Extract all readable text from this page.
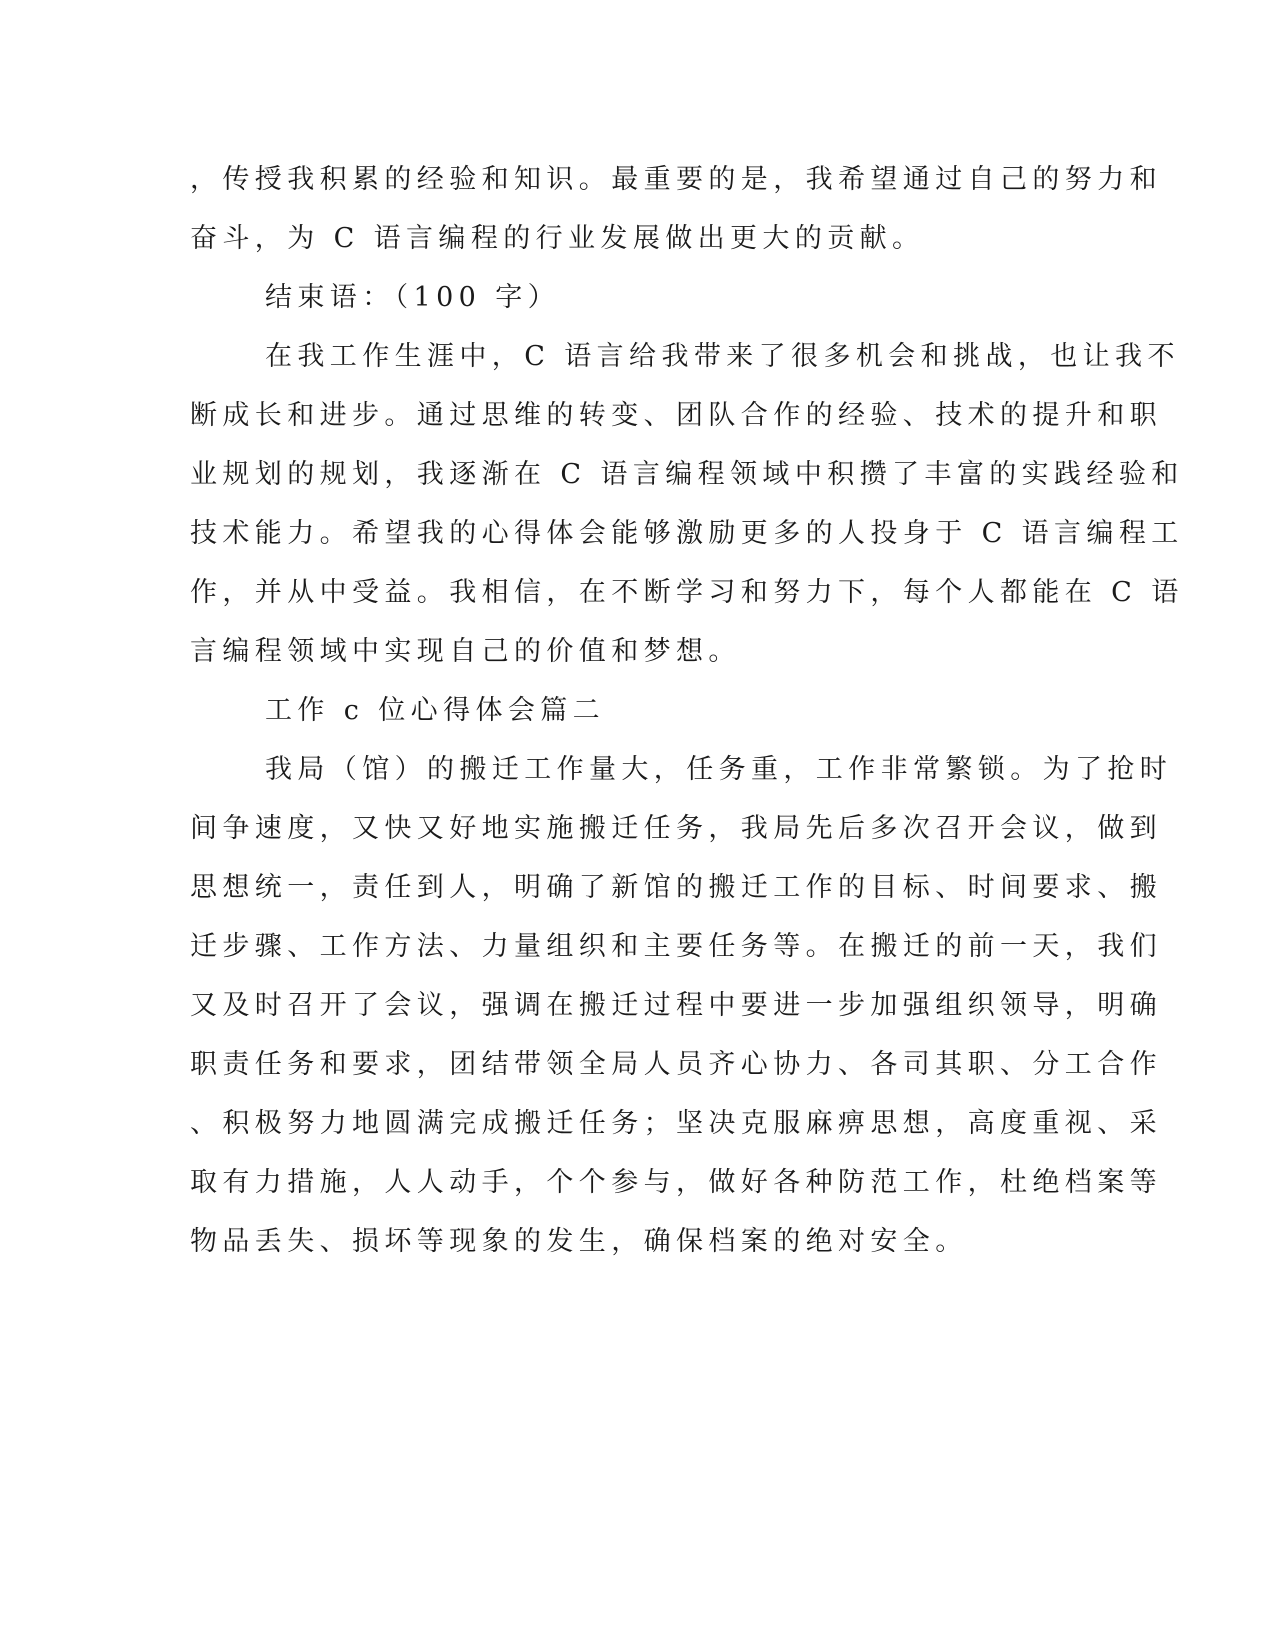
，传授我积累的经验和知识。最重要的是，我希望通过自己的努力和
奋斗，为 C 语言编程的行业发展做出更大的贡献。
结束语：（100 字）
在我工作生涯中，C 语言给我带来了很多机会和挑战，也让我不
断成长和进步。通过思维的转变、团队合作的经验、技术的提升和职
业规划的规划，我逐渐在 C 语言编程领域中积攒了丰富的实践经验和
技术能力。希望我的心得体会能够激励更多的人投身于 C 语言编程工
作，并从中受益。我相信，在不断学习和努力下，每个人都能在 C 语
言编程领域中实现自己的价值和梦想。
工作 c 位心得体会篇二
我局（馆）的搬迁工作量大，任务重，工作非常繁锁。为了抢时
间争速度，又快又好地实施搬迁任务，我局先后多次召开会议，做到
思想统一，责任到人，明确了新馆的搬迁工作的目标、时间要求、搬
迁步骤、工作方法、力量组织和主要任务等。在搬迁的前一天，我们
又及时召开了会议，强调在搬迁过程中要进一步加强组织领导，明确
职责任务和要求，团结带领全局人员齐心协力、各司其职、分工合作
、积极努力地圆满完成搬迁任务；坚决克服麻痹思想，高度重视、采
取有力措施，人人动手，个个参与，做好各种防范工作，杜绝档案等
物品丢失、损坏等现象的发生，确保档案的绝对安全。
